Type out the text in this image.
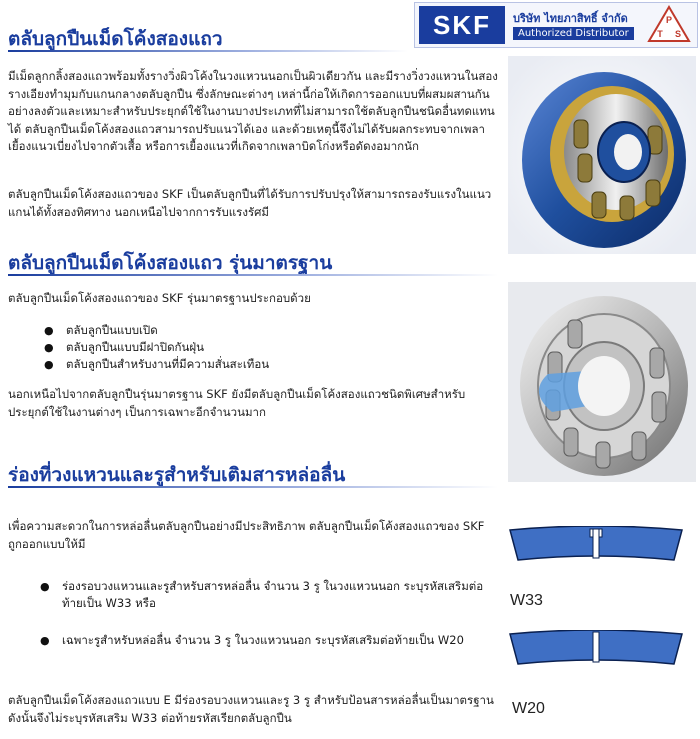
SKF	บริษัท ไทยภาสิทธิ์ จำกัด
Authorized Distributor
P
T S
ตลับลูกปืนเม็ดโค้งสองแถว
มีเม็ดลูกกลิ้งสองแถวพร้อมทั้งรางวิ่งผิวโค้งในวงแหวนนอกเป็นผิวเดียวกัน และมีรางวิ่งวงแหวนในสองรางเอียงทำมุมกับแกนกลางตลับลูกปืน ซึ่งลักษณะต่างๆ เหล่านี้ก่อให้เกิดการออกแบบที่ผสมผสานกันอย่างลงตัวและเหมาะสำหรับประยุกต์ใช้ในงานบางประเภทที่ไม่สามารถใช้ตลับลูกปืนชนิดอื่นทดแทนได้ ตลับลูกปืนเม็ดโค้งสองแถวสามารถปรับแนวได้เอง และด้วยเหตุนี้จึงไม่ได้รับผลกระทบจากเพลาเยื้องแนวเบี่ยงไปจากตัวเสื้อ หรือการเยื้องแนวที่เกิดจากเพลาบิดโก่งหรือดัดงอมากนัก
ตลับลูกปืนเม็ดโค้งสองแถวของ SKF เป็นตลับลูกปืนที่ได้รับการปรับปรุงให้สามารถรองรับแรงในแนวแกนได้ทั้งสองทิศทาง นอกเหนือไปจากการรับแรงรัศมี
ตลับลูกปืนเม็ดโค้งสองแถว รุ่นมาตรฐาน
ตลับลูกปืนเม็ดโค้งสองแถวของ SKF รุ่นมาตรฐานประกอบด้วย
● ตลับลูกปืนแบบเปิด
● ตลับลูกปืนแบบมีฝาปิดกันฝุ่น
● ตลับลูกปืนสำหรับงานที่มีความสั่นสะเทือน
นอกเหนือไปจากตลับลูกปืนรุ่นมาตรฐาน SKF ยังมีตลับลูกปืนเม็ดโค้งสองแถวชนิดพิเศษสำหรับประยุกต์ใช้ในงานต่างๆ เป็นการเฉพาะอีกจำนวนมาก
ร่องที่วงแหวนและรูสำหรับเติมสารหล่อลื่น
เพื่อความสะดวกในการหล่อลื่นตลับลูกปืนอย่างมีประสิทธิภาพ ตลับลูกปืนเม็ดโค้งสองแถวของ SKF ถูกออกแบบให้มี
● ร่องรอบวงแหวนและรูสำหรับสารหล่อลื่น จำนวน 3 รู ในวงแหวนนอก ระบุรหัสเสริมต่อท้ายเป็น W33 หรือ
● เฉพาะรูสำหรับหล่อลื่น จำนวน 3 รู ในวงแหวนนอก ระบุรหัสเสริมต่อท้ายเป็น W20
ตลับลูกปืนเม็ดโค้งสองแถวแบบ E มีร่องรอบวงแหวนและรู 3 รู สำหรับป้อนสารหล่อลื่นเป็นมาตรฐาน ดังนั้นจึงไม่ระบุรหัสเสริม W33 ต่อท้ายรหัสเรียกตลับลูกปืน
W33
W20
